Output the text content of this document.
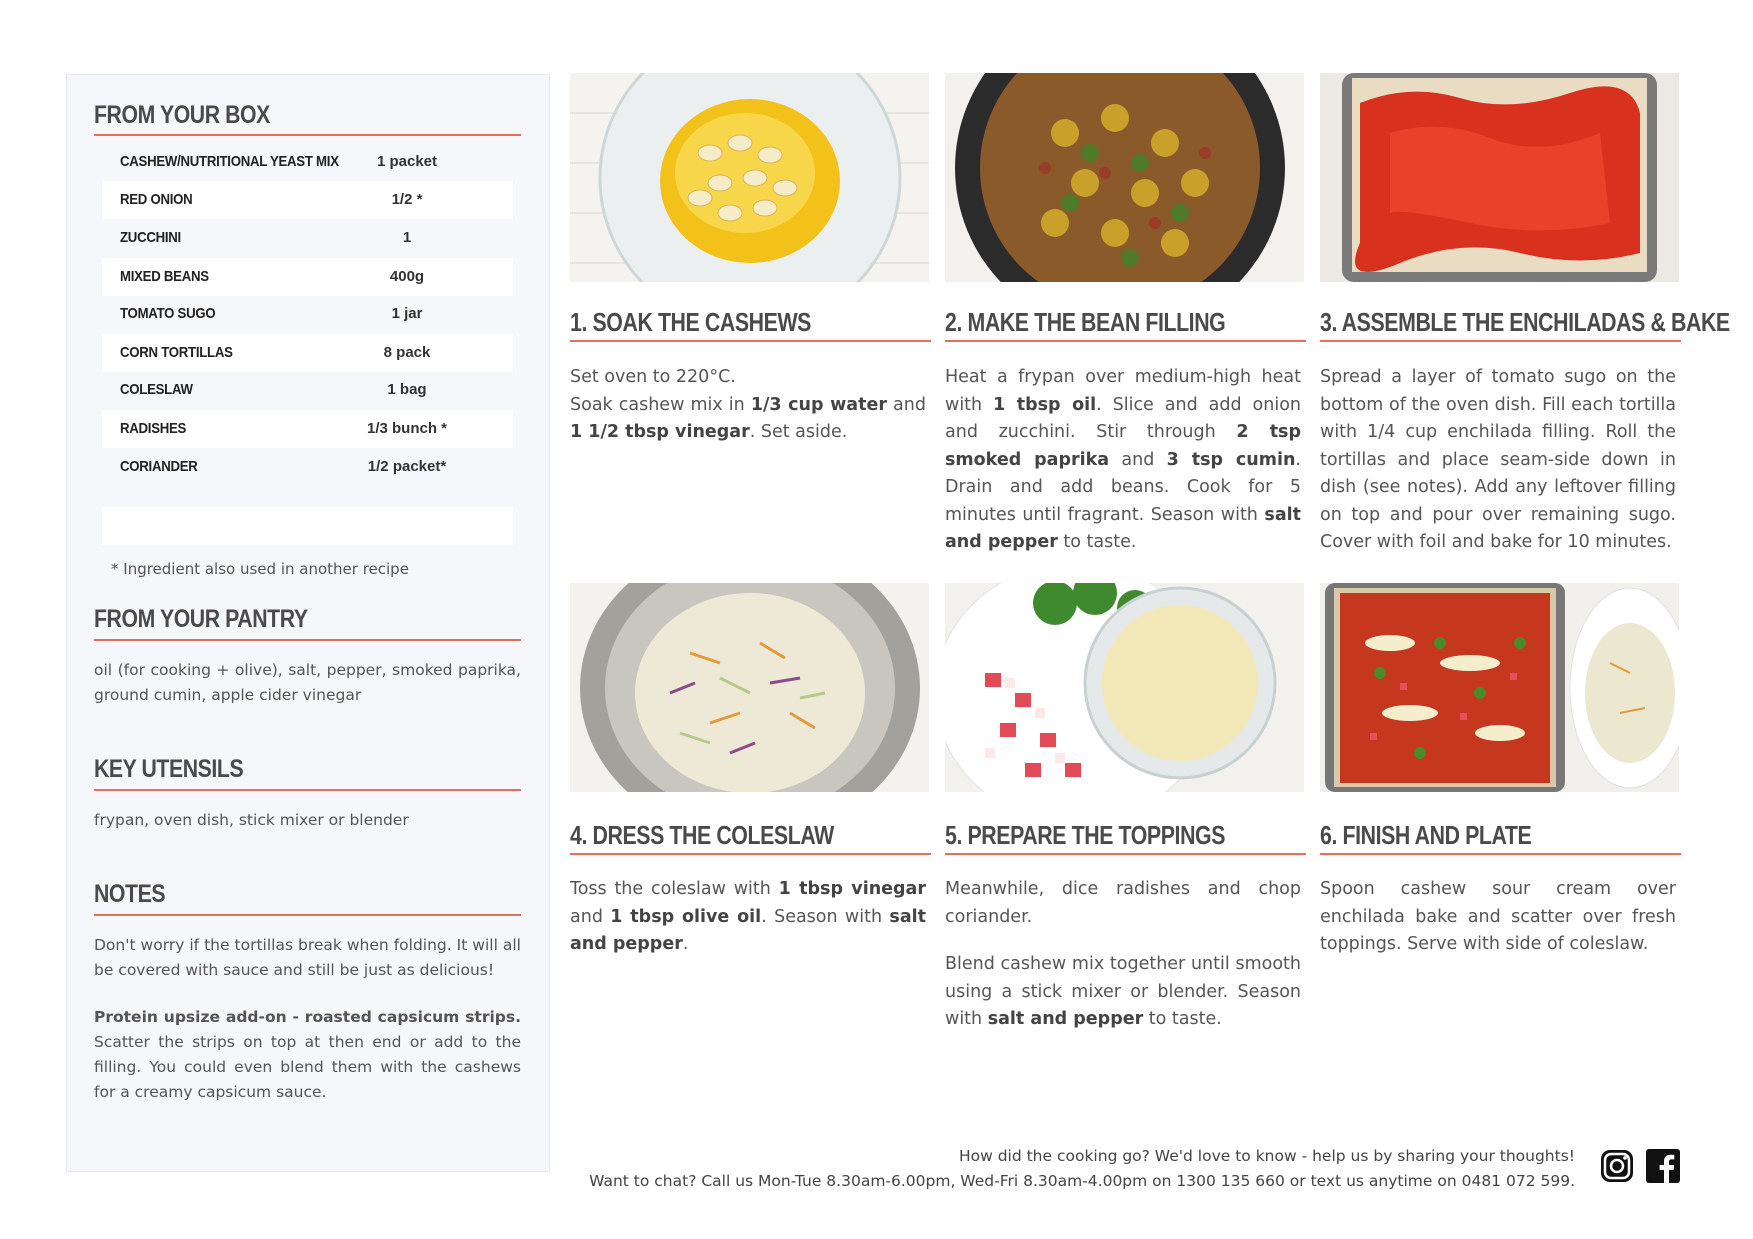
FROM YOUR BOX
CASHEW/NUTRITIONAL YEAST MIX	1 packet
RED ONION	1/2 *
ZUCCHINI	1
MIXED BEANS	400g
TOMATO SUGO	1 jar
CORN TORTILLAS	8 pack
COLESLAW	1 bag
RADISHES	1/3 bunch *
CORIANDER	1/2 packet*
* Ingredient also used in another recipe
FROM YOUR PANTRY
oil (for cooking + olive), salt, pepper, smoked paprika, ground cumin, apple cider vinegar
KEY UTENSILS
frypan, oven dish, stick mixer or blender
NOTES
Don't worry if the tortillas break when folding. It will all be covered with sauce and still be just as delicious!
Protein upsize add-on - roasted capsicum strips. Scatter the strips on top at then end or add to the filling. You could even blend them with the cashews for a creamy capsicum sauce.
1. SOAK THE CASHEWS
Set oven to 220°C.
Soak cashew mix in 1/3 cup water and 1 1/2 tbsp vinegar. Set aside.
2. MAKE THE BEAN FILLING
Heat a frypan over medium-high heat with 1 tbsp oil. Slice and add onion and zucchini. Stir through 2 tsp smoked paprika and 3 tsp cumin. Drain and add beans. Cook for 5 minutes until fragrant. Season with salt and pepper to taste.
3. ASSEMBLE THE ENCHILADAS & BAKE
Spread a layer of tomato sugo on the bottom of the oven dish. Fill each tortilla with 1/4 cup enchilada filling. Roll the tortillas and place seam-side down in dish (see notes). Add any leftover filling on top and pour over remaining sugo. Cover with foil and bake for 10 minutes.
4. DRESS THE COLESLAW
Toss the coleslaw with 1 tbsp vinegar and 1 tbsp olive oil. Season with salt and pepper.
5. PREPARE THE TOPPINGS
Meanwhile, dice radishes and chop coriander.
Blend cashew mix together until smooth using a stick mixer or blender. Season with salt and pepper to taste.
6. FINISH AND PLATE
Spoon cashew sour cream over enchilada bake and scatter over fresh toppings. Serve with side of coleslaw.
How did the cooking go? We'd love to know - help us by sharing your thoughts!
Want to chat? Call us Mon-Tue 8.30am-6.00pm, Wed-Fri 8.30am-4.00pm on 1300 135 660 or text us anytime on 0481 072 599.
